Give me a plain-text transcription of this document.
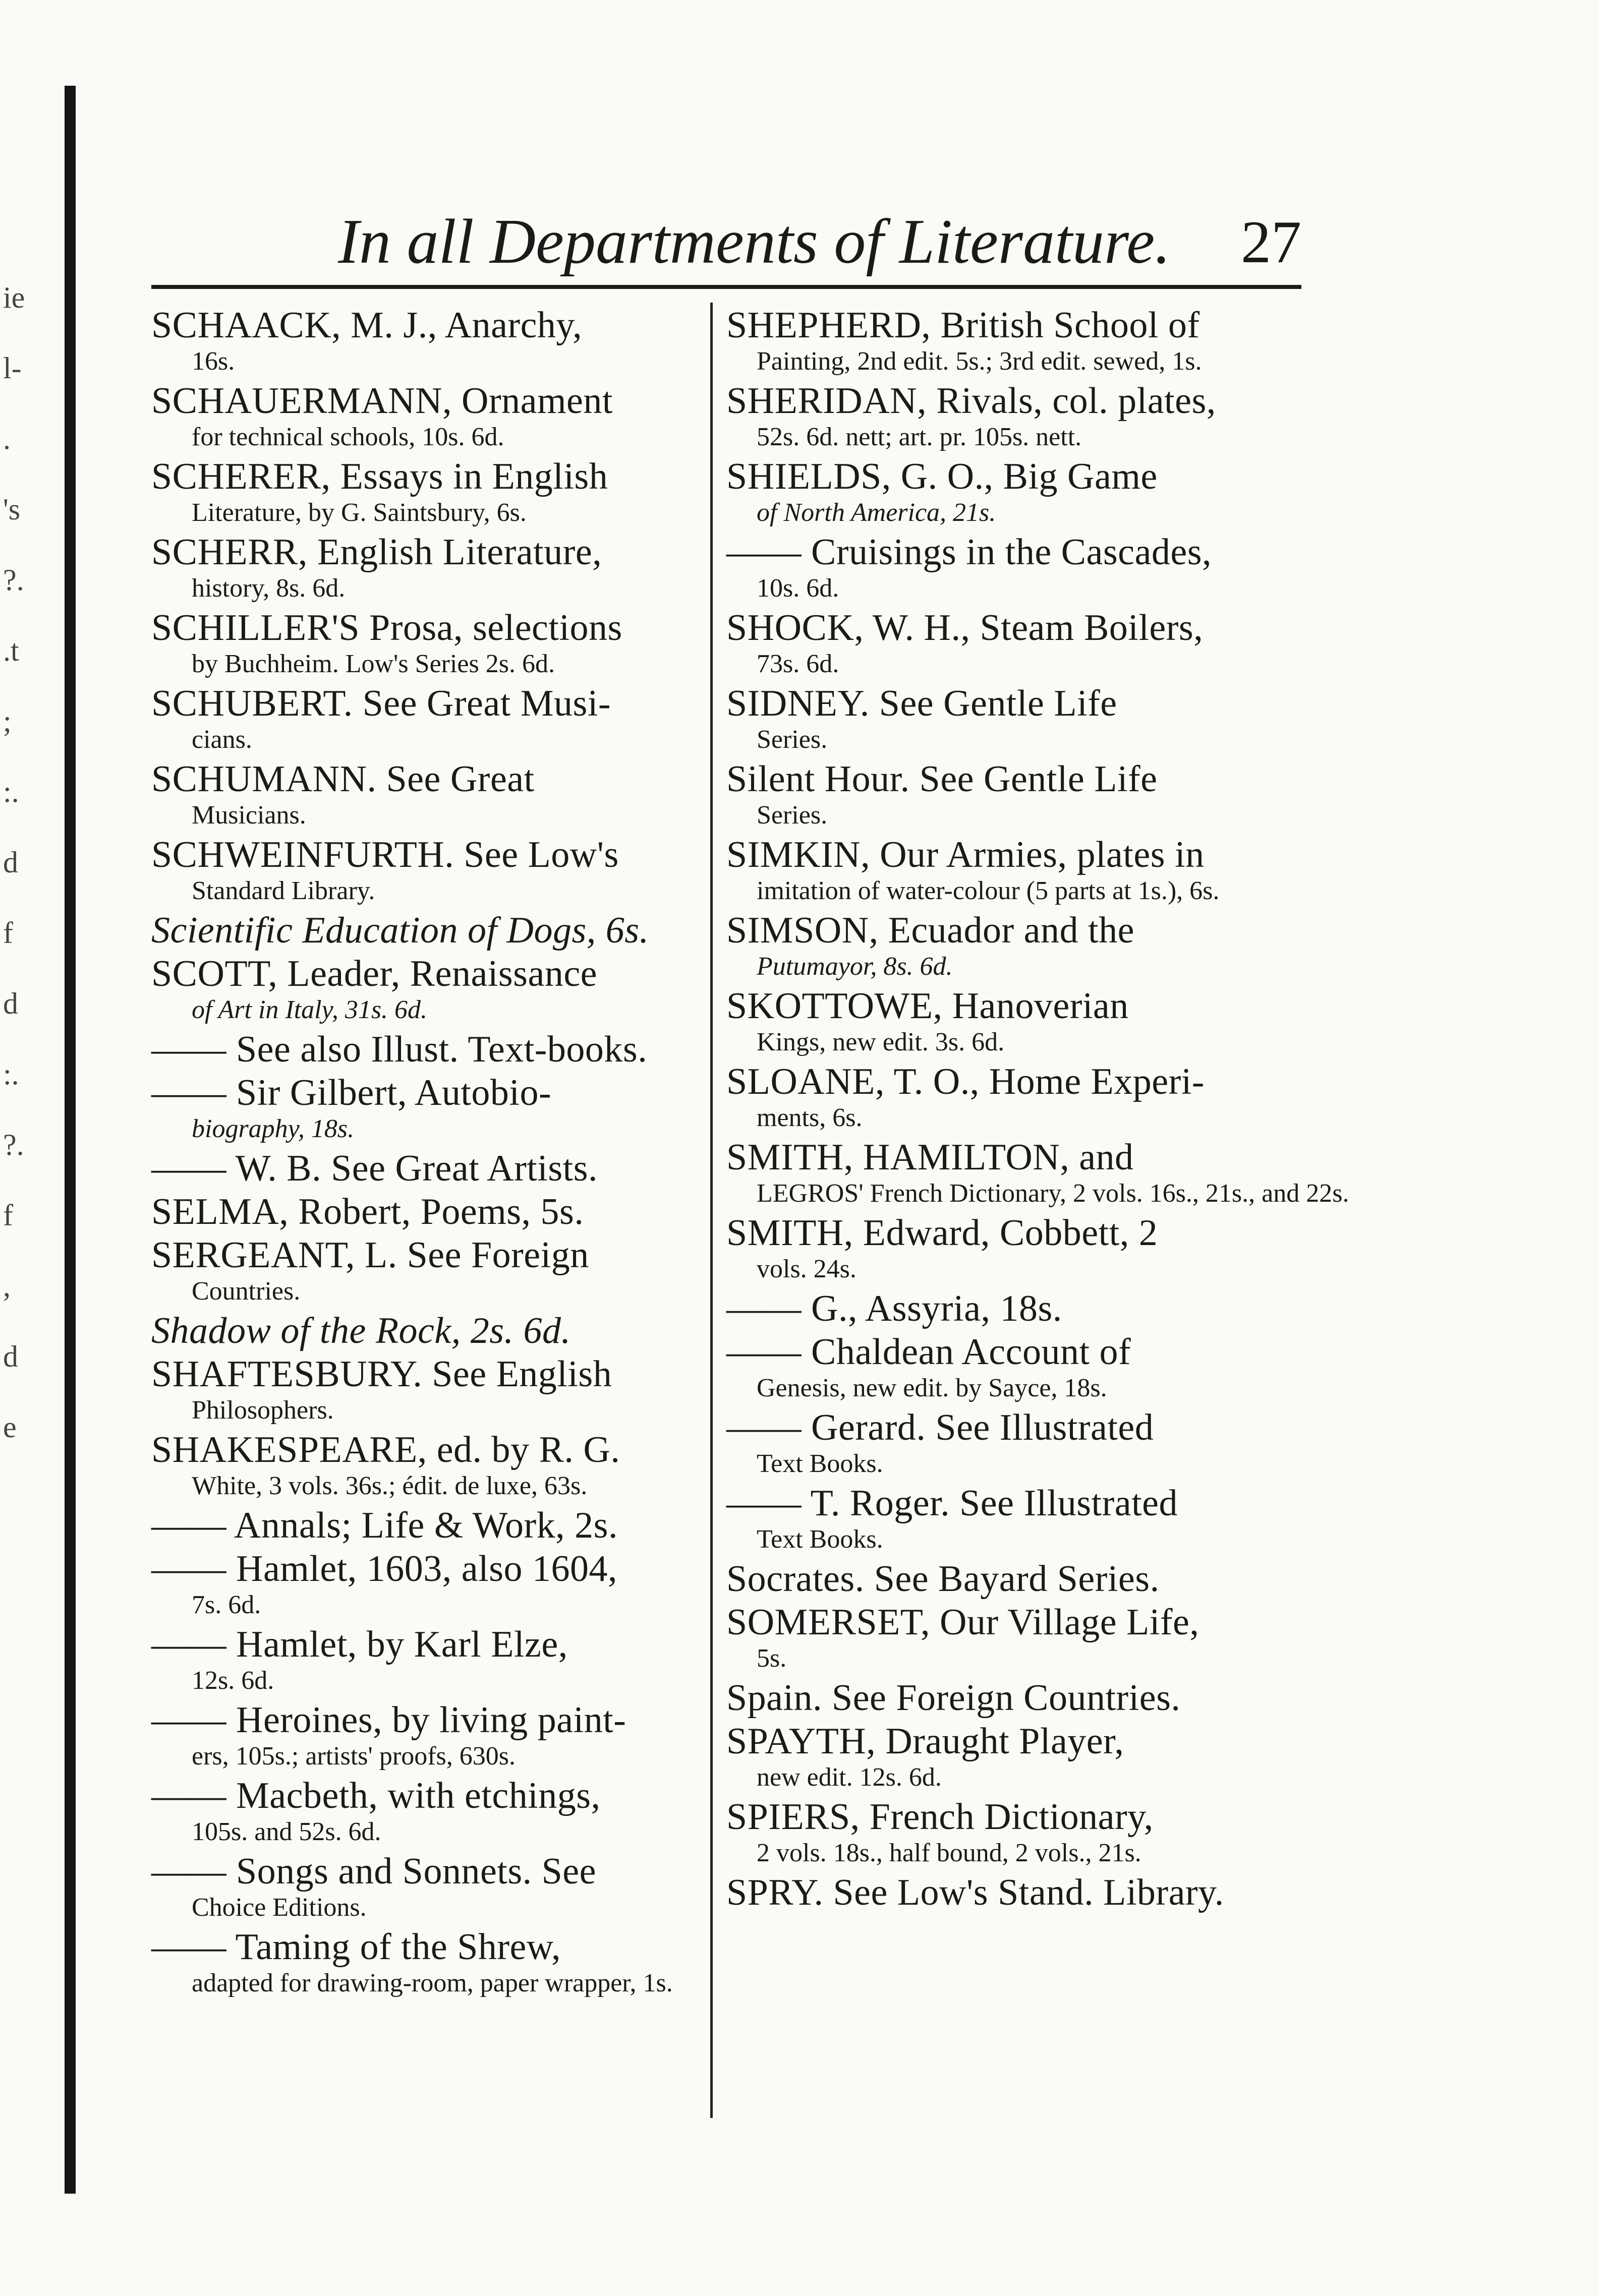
ie
l-
.
's
?.
.t
;
:.
d
f
d
:.
?.
f
,
d
e
In all Departments of Literature. 27
SCHAACK, M. J., Anarchy,
16s.
SCHAUERMANN, Ornament
for technical schools, 10s. 6d.
SCHERER, Essays in English
Literature, by G. Saintsbury, 6s.
SCHERR, English Literature,
history, 8s. 6d.
SCHILLER'S Prosa, selections
by Buchheim. Low's Series 2s. 6d.
SCHUBERT. See Great Musi-
cians.
SCHUMANN. See Great
Musicians.
SCHWEINFURTH. See Low's
Standard Library.
Scientific Education of Dogs, 6s.
SCOTT, Leader, Renaissance
of Art in Italy, 31s. 6d.
—— See also Illust. Text-books.
—— Sir Gilbert, Autobio-
biography, 18s.
—— W. B. See Great Artists.
SELMA, Robert, Poems, 5s.
SERGEANT, L. See Foreign
Countries.
Shadow of the Rock, 2s. 6d.
SHAFTESBURY. See English
Philosophers.
SHAKESPEARE, ed. by R. G.
White, 3 vols. 36s.; édit. de luxe, 63s.
—— Annals; Life & Work, 2s.
—— Hamlet, 1603, also 1604,
7s. 6d.
—— Hamlet, by Karl Elze,
12s. 6d.
—— Heroines, by living paint-
ers, 105s.; artists' proofs, 630s.
—— Macbeth, with etchings,
105s. and 52s. 6d.
—— Songs and Sonnets. See
Choice Editions.
—— Taming of the Shrew,
adapted for drawing-room, paper wrapper, 1s.
SHEPHERD, British School of
Painting, 2nd edit. 5s.; 3rd edit. sewed, 1s.
SHERIDAN, Rivals, col. plates,
52s. 6d. nett; art. pr. 105s. nett.
SHIELDS, G. O., Big Game
of North America, 21s.
—— Cruisings in the Cascades,
10s. 6d.
SHOCK, W. H., Steam Boilers,
73s. 6d.
SIDNEY. See Gentle Life
Series.
Silent Hour. See Gentle Life
Series.
SIMKIN, Our Armies, plates in
imitation of water-colour (5 parts at 1s.), 6s.
SIMSON, Ecuador and the
Putumayor, 8s. 6d.
SKOTTOWE, Hanoverian
Kings, new edit. 3s. 6d.
SLOANE, T. O., Home Experi-
ments, 6s.
SMITH, HAMILTON, and
LEGROS' French Dictionary, 2 vols. 16s., 21s., and 22s.
SMITH, Edward, Cobbett, 2
vols. 24s.
—— G., Assyria, 18s.
—— Chaldean Account of
Genesis, new edit. by Sayce, 18s.
—— Gerard. See Illustrated
Text Books.
—— T. Roger. See Illustrated
Text Books.
Socrates. See Bayard Series.
SOMERSET, Our Village Life,
5s.
Spain. See Foreign Countries.
SPAYTH, Draught Player,
new edit. 12s. 6d.
SPIERS, French Dictionary,
2 vols. 18s., half bound, 2 vols., 21s.
SPRY. See Low's Stand. Library.
